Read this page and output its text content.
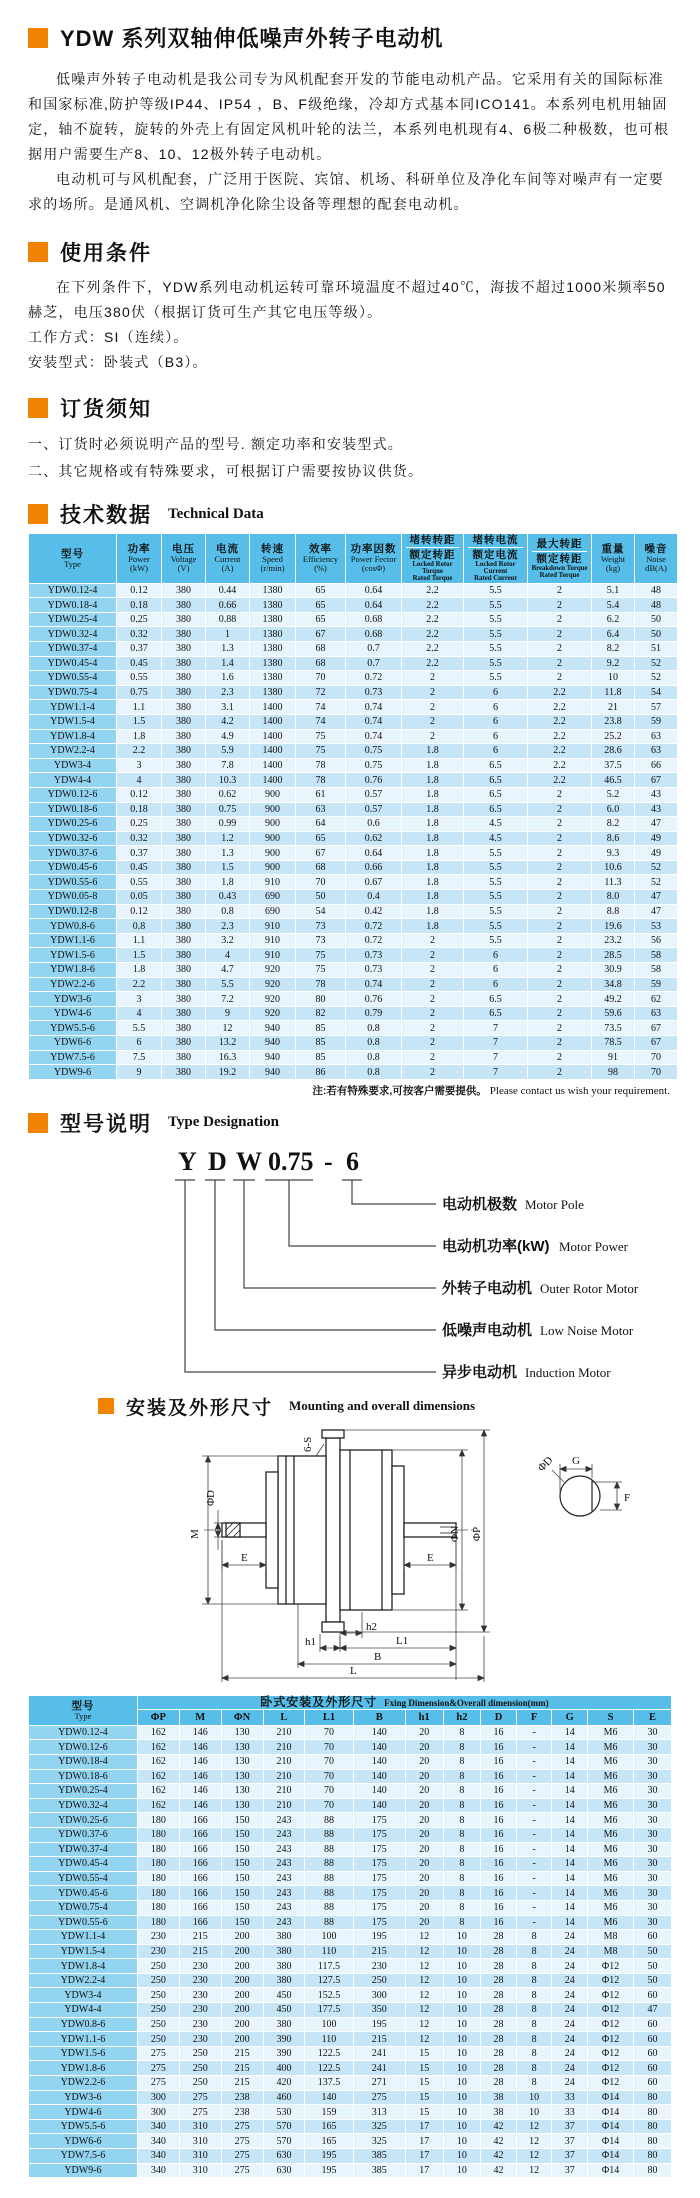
YDW 系列双轴伸低噪声外转子电动机

低噪声外转子电动机是我公司专为风机配套开发的节能电动机产品。它采用有关的国际标准和国家标准,防护等级IP44、IP54 ，B、F级绝缘，冷却方式基本同ICO141。本系列电机用轴固定，轴不旋转，旋转的外壳上有固定风机叶轮的法兰，本系列电机现有4、6极二种极数，也可根据用户需要生产8、10、12极外转子电动机。

电动机可与风机配套，广泛用于医院、宾馆、机场、科研单位及净化车间等对噪声有一定要求的场所。是通风机、空调机净化除尘设备等理想的配套电动机。

使用条件

在下列条件下，YDW系列电动机运转可靠环境温度不超过40℃，海拔不超过1000米频率50赫芝，电压380伏（根据订货可生产其它电压等级）。

工作方式：SI（连续）。

安装型式：卧装式（B3）。

订货须知

一、订货时必须说明产品的型号. 额定功率和安装型式。

二、其它规格或有特殊要求，可根据订户需要按协议供货。

技术数据 Technical Data
型号
Type

功率
Power
(kW)

电压
Voltage
(V)

电流
Current
(A)

转速
Speed
(r/min)

效率
Efficiency
(%)

功率因数
Power Fector
(cosΦ)

堵转转距
额定转距
Locked Rotor Torque
Rated Torque

堵转电流
额定电流
Locked Rotor Current
Rated Current

最大转距
额定转距
Breakdown Torque
Rated Torque

重量
Weight
(kg)

噪音
Noise
dB(A)

YDW0.12-4	0.12	380	0.44	1380	65	0.64	2.2	5.5	2	5.1	48
YDW0.18-4	0.18	380	0.66	1380	65	0.64	2.2	5.5	2	5.4	48
YDW0.25-4	0.25	380	0.88	1380	65	0.68	2.2	5.5	2	6.2	50
YDW0.32-4	0.32	380	1	1380	67	0.68	2.2	5.5	2	6.4	50
YDW0.37-4	0.37	380	1.3	1380	68	0.7	2.2	5.5	2	8.2	51
YDW0.45-4	0.45	380	1.4	1380	68	0.7	2.2	5.5	2	9.2	52
YDW0.55-4	0.55	380	1.6	1380	70	0.72	2	5.5	2	10	52
YDW0.75-4	0.75	380	2.3	1380	72	0.73	2	6	2.2	11.8	54
YDW1.1-4	1.1	380	3.1	1400	74	0.74	2	6	2.2	21	57
YDW1.5-4	1.5	380	4.2	1400	74	0.74	2	6	2.2	23.8	59
YDW1.8-4	1.8	380	4.9	1400	75	0.74	2	6	2.2	25.2	63
YDW2.2-4	2.2	380	5.9	1400	75	0.75	1.8	6	2.2	28.6	63
YDW3-4	3	380	7.8	1400	78	0.75	1.8	6.5	2.2	37.5	66
YDW4-4	4	380	10.3	1400	78	0.76	1.8	6.5	2.2	46.5	67
YDW0.12-6	0.12	380	0.62	900	61	0.57	1.8	6.5	2	5.2	43
YDW0.18-6	0.18	380	0.75	900	63	0.57	1.8	6.5	2	6.0	43
YDW0.25-6	0.25	380	0.99	900	64	0.6	1.8	4.5	2	8.2	47
YDW0.32-6	0.32	380	1.2	900	65	0.62	1.8	4.5	2	8.6	49
YDW0.37-6	0.37	380	1.3	900	67	0.64	1.8	5.5	2	9.3	49
YDW0.45-6	0.45	380	1.5	900	68	0.66	1.8	5.5	2	10.6	52
YDW0.55-6	0.55	380	1.8	910	70	0.67	1.8	5.5	2	11.3	52
YDW0.05-8	0.05	380	0.43	690	50	0.4	1.8	5.5	2	8.0	47
YDW0.12-8	0.12	380	0.8	690	54	0.42	1.8	5.5	2	8.8	47
YDW0.8-6	0.8	380	2.3	910	73	0.72	1.8	5.5	2	19.6	53
YDW1.1-6	1.1	380	3.2	910	73	0.72	2	5.5	2	23.2	56
YDW1.5-6	1.5	380	4	910	75	0.73	2	6	2	28.5	58
YDW1.8-6	1.8	380	4.7	920	75	0.73	2	6	2	30.9	58
YDW2.2-6	2.2	380	5.5	920	78	0.74	2	6	2	34.8	59
YDW3-6	3	380	7.2	920	80	0.76	2	6.5	2	49.2	62
YDW4-6	4	380	9	920	82	0.79	2	6.5	2	59.6	63
YDW5.5-6	5.5	380	12	940	85	0.8	2	7	2	73.5	67
YDW6-6	6	380	13.2	940	85	0.8	2	7	2	78.5	67
YDW7.5-6	7.5	380	16.3	940	85	0.8	2	7	2	91	70
YDW9-6	9	380	19.2	940	86	0.8	2	7	2	98	70
注:若有特殊要求,可按客户需要提供。 Please contact us wish your requirement.
型号说明 Type Designation
Y D W 0.75 - 6
电动机极数 Motor Pole
电动机功率(kW) Motor Power
外转子电动机 Outer Rotor Motor
低噪声电动机 Low Noise Motor
异步电动机 Induction Motor
安装及外形尺寸 Mounting and overall dimensions
6-S
M
ΦD
E	E
ΦN ΦP
h2
h1	L1
B
L
G
F
ΦD
型号
Type	卧式安装及外形尺寸 Fxing Dimension&Overall dimension(mm)												
	ΦP	M	ΦN	L	L1	B	h1	h2	D	F	G	S	E
YDW0.12-4	162	146	130	210	70	140	20	8	16	-	14	M6	30
YDW0.12-6	162	146	130	210	70	140	20	8	16	-	14	M6	30
YDW0.18-4	162	146	130	210	70	140	20	8	16	-	14	M6	30
YDW0.18-6	162	146	130	210	70	140	20	8	16	-	14	M6	30
YDW0.25-4	162	146	130	210	70	140	20	8	16	-	14	M6	30
YDW0.32-4	162	146	130	210	70	140	20	8	16	-	14	M6	30
YDW0.25-6	180	166	150	243	88	175	20	8	16	-	14	M6	30
YDW0.37-6	180	166	150	243	88	175	20	8	16	-	14	M6	30
YDW0.37-4	180	166	150	243	88	175	20	8	16	-	14	M6	30
YDW0.45-4	180	166	150	243	88	175	20	8	16	-	14	M6	30
YDW0.55-4	180	166	150	243	88	175	20	8	16	-	14	M6	30
YDW0.45-6	180	166	150	243	88	175	20	8	16	-	14	M6	30
YDW0.75-4	180	166	150	243	88	175	20	8	16	-	14	M6	30
YDW0.55-6	180	166	150	243	88	175	20	8	16	-	14	M6	30
YDW1.1-4	230	215	200	380	100	195	12	10	28	8	24	M8	60
YDW1.5-4	230	215	200	380	110	215	12	10	28	8	24	M8	50
YDW1.8-4	250	230	200	380	117.5	230	12	10	28	8	24	Φ12	50
YDW2.2-4	250	230	200	380	127.5	250	12	10	28	8	24	Φ12	50
YDW3-4	250	230	200	450	152.5	300	12	10	28	8	24	Φ12	60
YDW4-4	250	230	200	450	177.5	350	12	10	28	8	24	Φ12	47
YDW0.8-6	250	230	200	380	100	195	12	10	28	8	24	Φ12	60
YDW1.1-6	250	230	200	390	110	215	12	10	28	8	24	Φ12	60
YDW1.5-6	275	250	215	390	122.5	241	15	10	28	8	24	Φ12	60
YDW1.8-6	275	250	215	400	122.5	241	15	10	28	8	24	Φ12	60
YDW2.2-6	275	250	215	420	137.5	271	15	10	28	8	24	Φ12	60
YDW3-6	300	275	238	460	140	275	15	10	38	10	33	Φ14	80
YDW4-6	300	275	238	530	159	313	15	10	38	10	33	Φ14	80
YDW5.5-6	340	310	275	570	165	325	17	10	42	12	37	Φ14	80
YDW6-6	340	310	275	570	165	325	17	10	42	12	37	Φ14	80
YDW7.5-6	340	310	275	630	195	385	17	10	42	12	37	Φ14	80
YDW9-6	340	310	275	630	195	385	17	10	42	12	37	Φ14	80
